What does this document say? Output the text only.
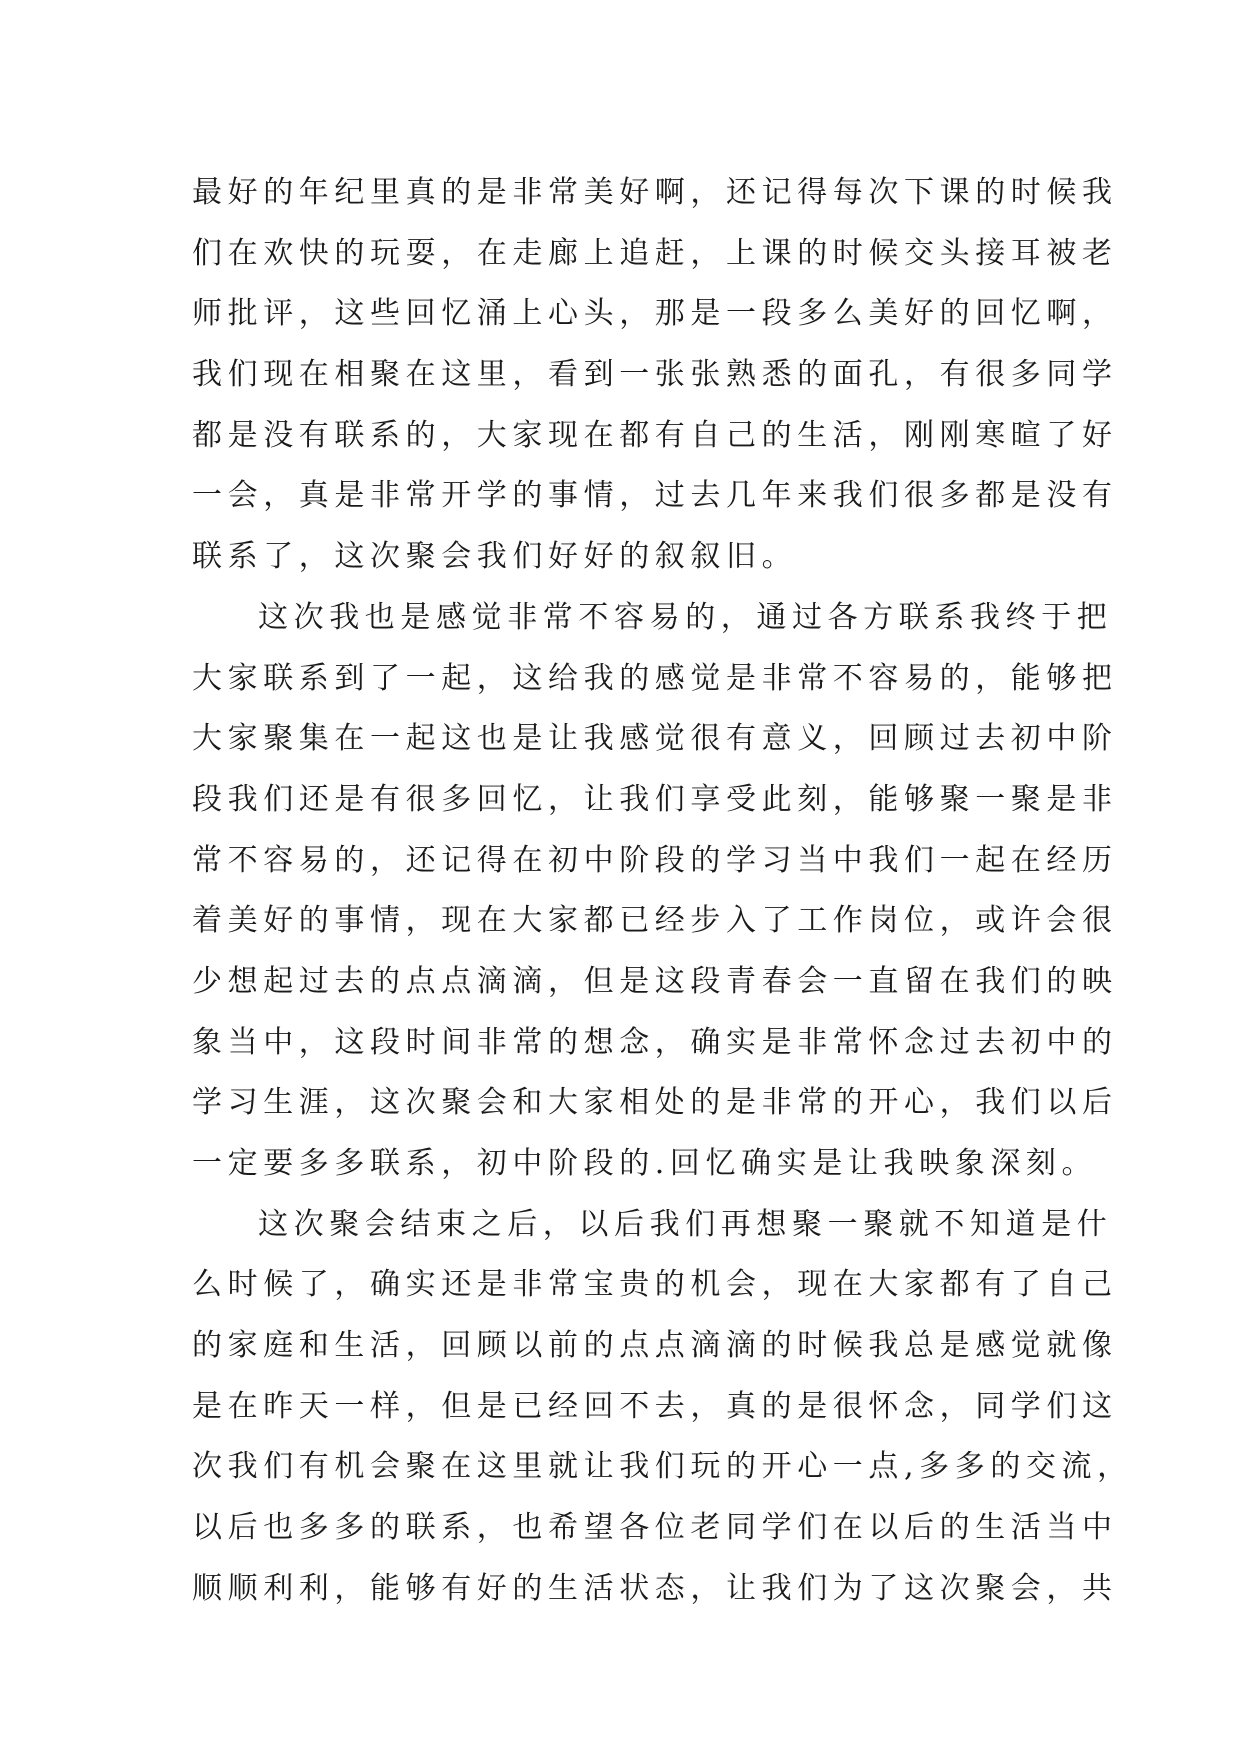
最好的年纪里真的是非常美好啊，还记得每次下课的时候我
们在欢快的玩耍，在走廊上追赶，上课的时候交头接耳被老
师批评，这些回忆涌上心头，那是一段多么美好的回忆啊，
我们现在相聚在这里，看到一张张熟悉的面孔，有很多同学
都是没有联系的，大家现在都有自己的生活，刚刚寒暄了好
一会，真是非常开学的事情，过去几年来我们很多都是没有
联系了，这次聚会我们好好的叙叙旧。
这次我也是感觉非常不容易的，通过各方联系我终于把
大家联系到了一起，这给我的感觉是非常不容易的，能够把
大家聚集在一起这也是让我感觉很有意义，回顾过去初中阶
段我们还是有很多回忆，让我们享受此刻，能够聚一聚是非
常不容易的，还记得在初中阶段的学习当中我们一起在经历
着美好的事情，现在大家都已经步入了工作岗位，或许会很
少想起过去的点点滴滴，但是这段青春会一直留在我们的映
象当中，这段时间非常的想念，确实是非常怀念过去初中的
学习生涯，这次聚会和大家相处的是非常的开心，我们以后
一定要多多联系，初中阶段的.回忆确实是让我映象深刻。
这次聚会结束之后，以后我们再想聚一聚就不知道是什
么时候了，确实还是非常宝贵的机会，现在大家都有了自己
的家庭和生活，回顾以前的点点滴滴的时候我总是感觉就像
是在昨天一样，但是已经回不去，真的是很怀念，同学们这
次我们有机会聚在这里就让我们玩的开心一点,多多的交流，
以后也多多的联系，也希望各位老同学们在以后的生活当中
顺顺利利，能够有好的生活状态，让我们为了这次聚会，共
